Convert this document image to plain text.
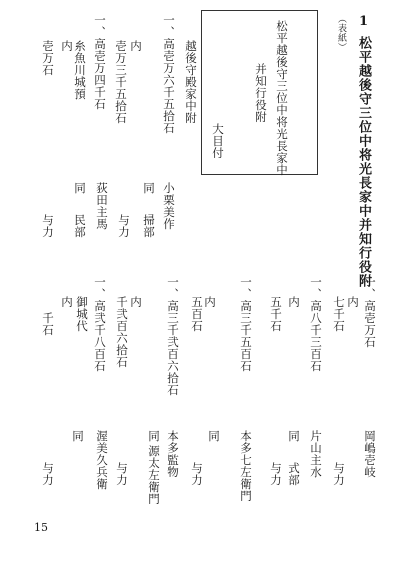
1
松平越後守三位中将光長家中并知行役附
（表紙）
松平越後守三位中将光長家中
并知行役附
大目付
越後守殿家中附
一、高壱万六千五拾石
小栗美作
内
同
掃部
壱万三千五拾石
与力
一、高壱万四千石
荻田主馬
糸魚川城預
同
民部
内
壱万石
与力
一、高壱万石
岡嶋壱岐
内
七千石
与力
一、高八千三百石
片山主水
内
同
式部
五千石
与力
一、高三千五百石
本多七左衛門
内
同
五百石
与力
一、高三千弐百六拾石
本多監物
内
同
源太左衛門
千弐百六拾石
与力
一、高弐千八百石
渥美久兵衛
御城代
同
内
千石
与力
15
